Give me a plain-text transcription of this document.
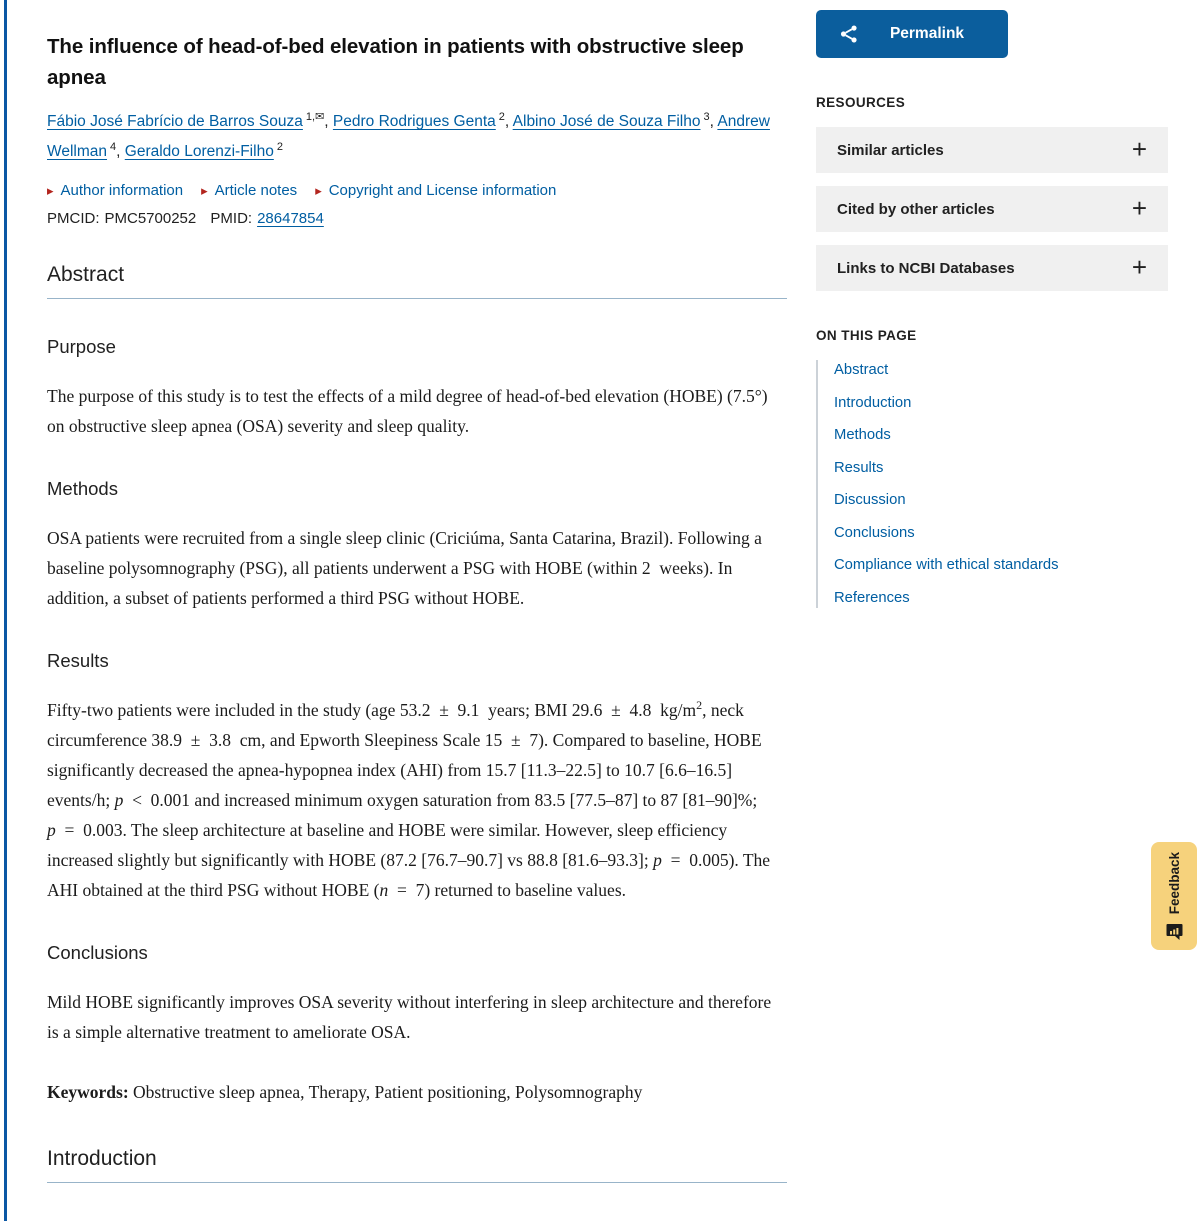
The influence of head-of-bed elevation in patients with obstructive sleep apnea
Fábio José Fabrício de Barros Souza $^{1,✉}$, Pedro Rodrigues Genta $^2$, Albino José de Souza Filho $^3$, Andrew Wellman $^4$, Geraldo Lorenzi-Filho $^2$
▸ Author information ▸ Article notes ▸ Copyright and License information
PMCID: PMC5700252 PMID: 28647854
Abstract
Purpose

The purpose of this study is to test the effects of a mild degree of head-of-bed elevation (HOBE) (7.5°) on obstructive sleep apnea (OSA) severity and sleep quality.

Methods

OSA patients were recruited from a single sleep clinic (Criciúma, Santa Catarina, Brazil). Following a baseline polysomnography (PSG), all patients underwent a PSG with HOBE (within 2 weeks). In addition, a subset of patients performed a third PSG without HOBE.

Results

Fifty-two patients were included in the study (age 53.2 ± 9.1 years; BMI 29.6 ± 4.8 $kg/m^2$, neck circumference 38.9 ± 3.8 cm, and Epworth Sleepiness Scale 15 ± 7). Compared to baseline, HOBE significantly decreased the apnea-hypopnea index (AHI) from 15.7 [11.3–22.5] to 10.7 [6.6–16.5] events/h; p < 0.001 and increased minimum oxygen saturation from 83.5 [77.5–87] to 87 [81–90]%; p = 0.003. The sleep architecture at baseline and HOBE were similar. However, sleep efficiency increased slightly but significantly with HOBE (87.2 [76.7–90.7] vs 88.8 [81.6–93.3]; p = 0.005). The AHI obtained at the third PSG without HOBE (n = 7) returned to baseline values.

Conclusions

Mild HOBE significantly improves OSA severity without interfering in sleep architecture and therefore is a simple alternative treatment to ameliorate OSA.

Keywords: Obstructive sleep apnea, Therapy, Patient positioning, Polysomnography

Introduction
Permalink
RESOURCES
Similar articles	+
Cited by other articles	+
Links to NCBI Databases	+
ON THIS PAGE
Abstract
Introduction
Methods
Results
Discussion
Conclusions
Compliance with ethical standards
References
Feedback
